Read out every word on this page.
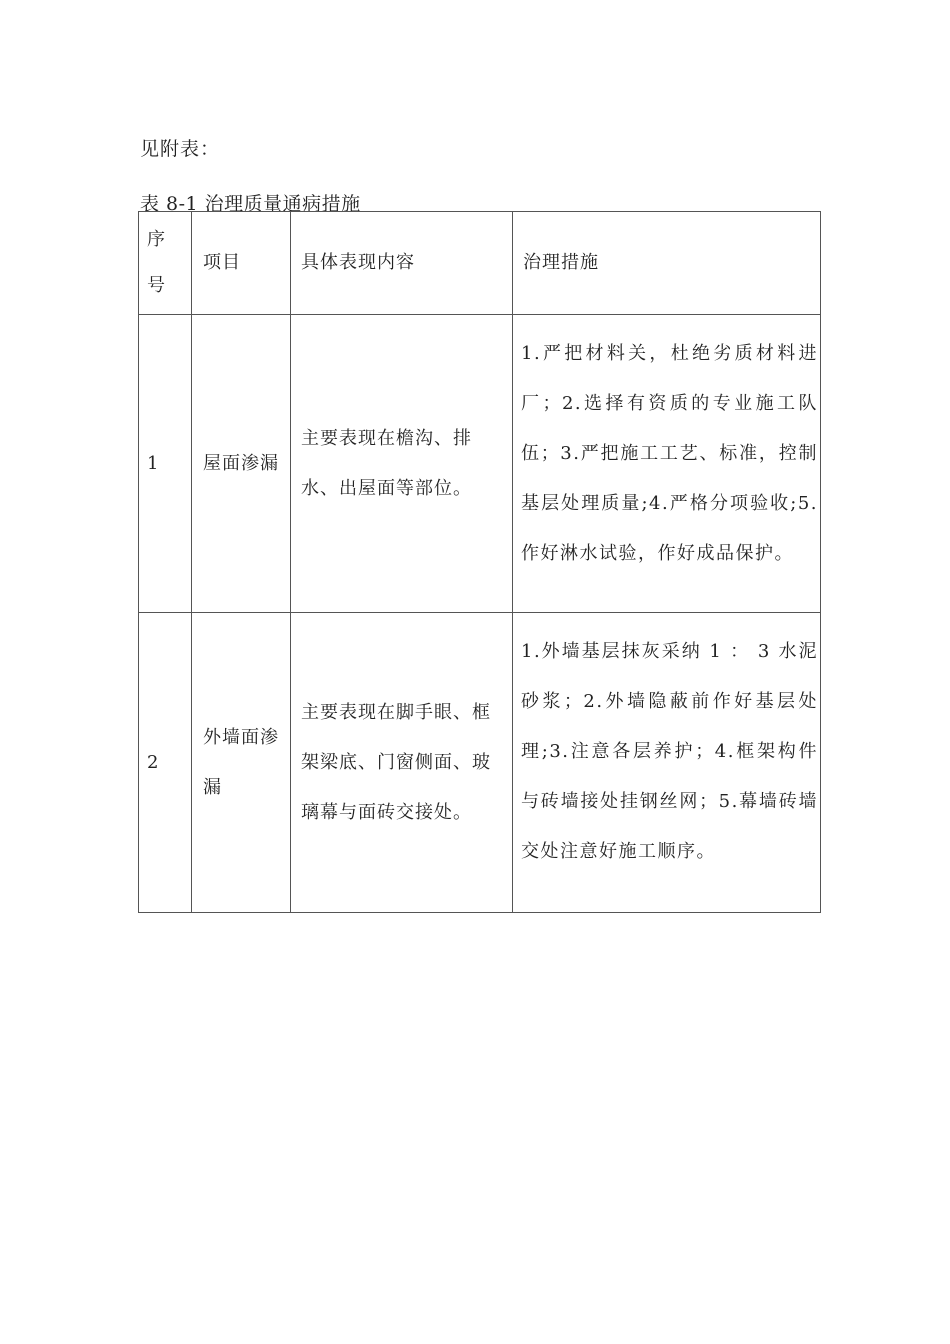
见附表：

表 8-1 治理质量通病措施

序号	项目	具体表现内容	治理措施

1	屋面渗漏	主要表现在檐沟、排水、出屋面等部位。	1.严把材料关，杜绝劣质材料进厂；2.选择有资质的专业施工队伍；3.严把施工工艺、标准，控制基层处理质量;4.严格分项验收;5.作好淋水试验，作好成品保护。

2	外墙面渗漏	主要表现在脚手眼、框架梁底、门窗侧面、玻璃幕与面砖交接处。	1.外墙基层抹灰采纳 1 ： 3 水泥砂浆；2.外墙隐蔽前作好基层处理;3.注意各层养护；4.框架构件与砖墙接处挂钢丝网；5.幕墙砖墙交处注意好施工顺序。
